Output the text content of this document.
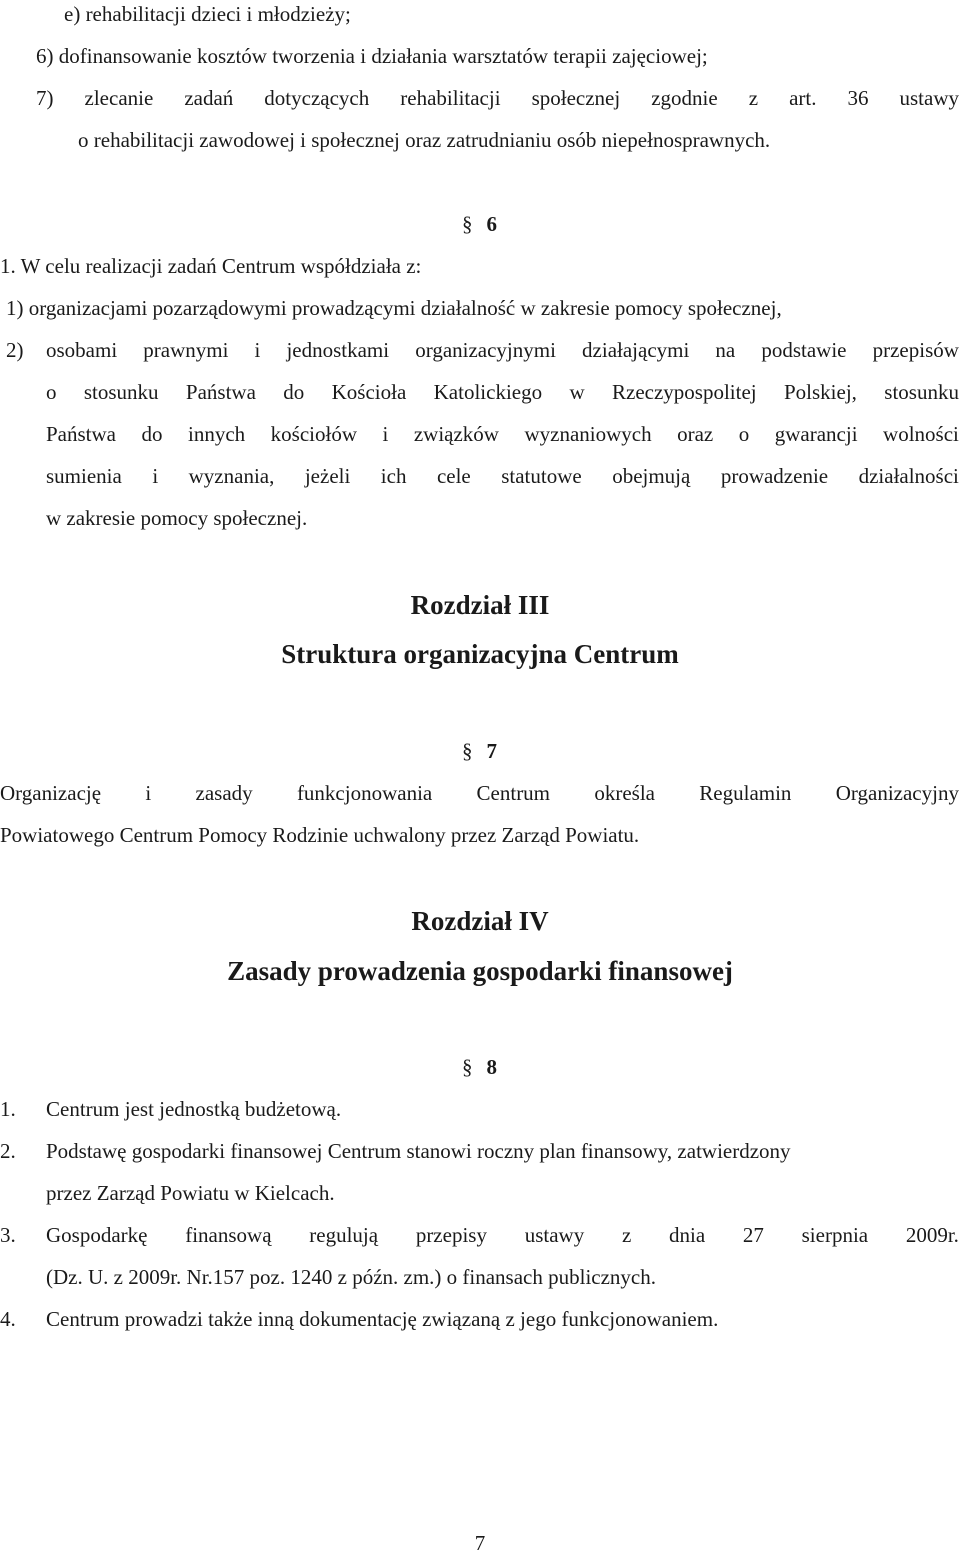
e) rehabilitacji dzieci i młodzieży;
6) dofinansowanie kosztów tworzenia i działania warsztatów terapii zajęciowej;
7) zlecanie zadań dotyczących rehabilitacji społecznej zgodnie z art. 36 ustawy
o rehabilitacji zawodowej i społecznej oraz zatrudnianiu osób niepełnosprawnych.
§ 6
1. W celu realizacji zadań Centrum współdziała z:
1) organizacjami pozarządowymi prowadzącymi działalność w zakresie pomocy społecznej,
2) osobami prawnymi i jednostkami organizacyjnymi działającymi na podstawie przepisów
o stosunku Państwa do Kościoła Katolickiego w Rzeczypospolitej Polskiej, stosunku
Państwa do innych kościołów i związków wyznaniowych oraz o gwarancji wolności
sumienia i wyznania, jeżeli ich cele statutowe obejmują prowadzenie działalności
w zakresie pomocy społecznej.
Rozdział III
Struktura organizacyjna Centrum
§ 7
Organizację i zasady funkcjonowania Centrum określa Regulamin Organizacyjny
Powiatowego Centrum Pomocy Rodzinie uchwalony przez Zarząd Powiatu.
Rozdział IV
Zasady prowadzenia gospodarki finansowej
§ 8
1. Centrum jest jednostką budżetową.
2. Podstawę gospodarki finansowej Centrum stanowi roczny plan finansowy, zatwierdzony
przez Zarząd Powiatu w Kielcach.
3. Gospodarkę finansową regulują przepisy ustawy z dnia 27 sierpnia 2009r.
(Dz. U. z 2009r. Nr.157 poz. 1240 z późn. zm.) o finansach publicznych.
4. Centrum prowadzi także inną dokumentację związaną z jego funkcjonowaniem.
7
